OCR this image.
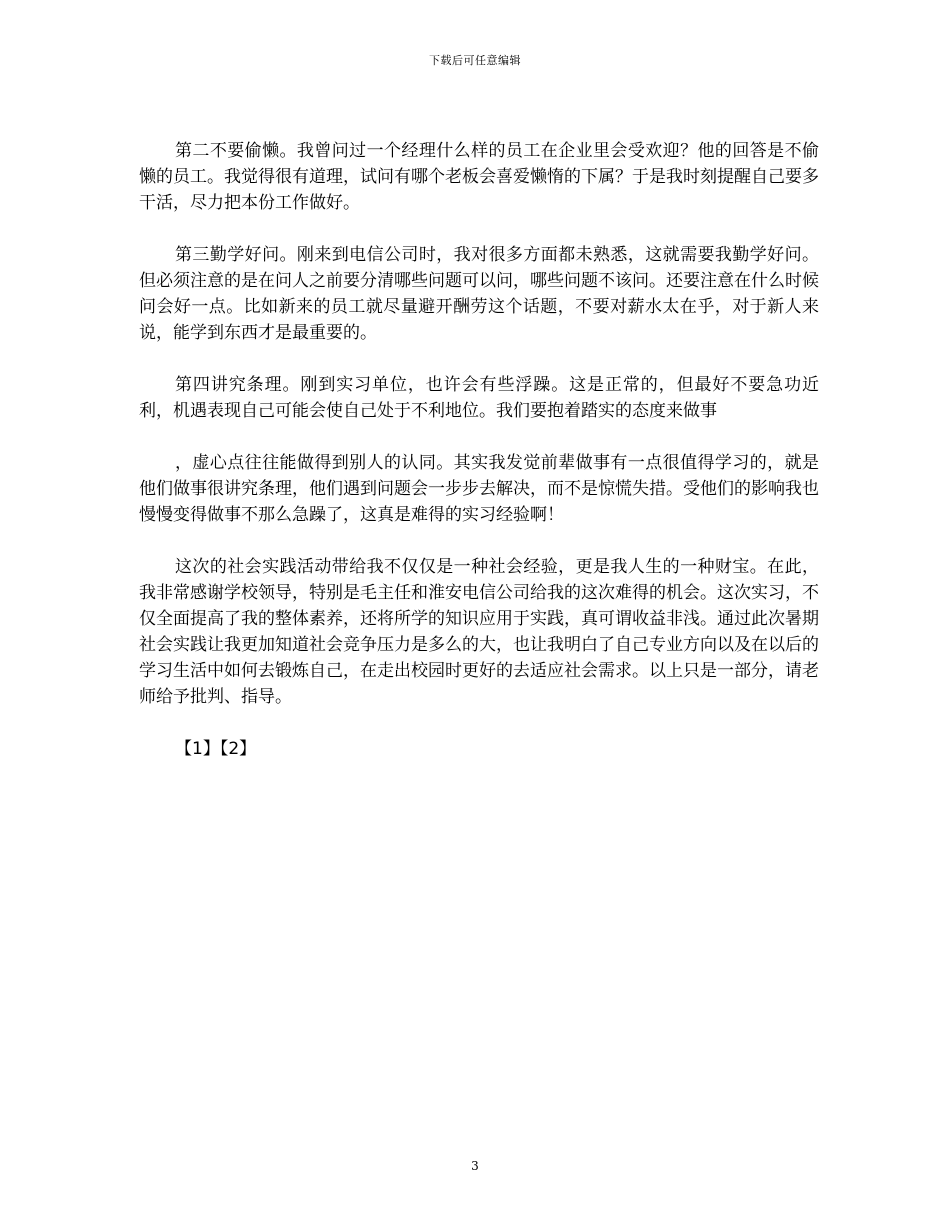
下载后可任意编辑

第二不要偷懒。我曾问过一个经理什么样的员工在企业里会受欢迎？他的回答是不偷懒的员工。我觉得很有道理，试问有哪个老板会喜爱懒惰的下属？于是我时刻提醒自己要多干活，尽力把本份工作做好。

第三勤学好问。刚来到电信公司时，我对很多方面都未熟悉，这就需要我勤学好问。但必须注意的是在问人之前要分清哪些问题可以问，哪些问题不该问。还要注意在什么时候问会好一点。比如新来的员工就尽量避开酬劳这个话题，不要对薪水太在乎，对于新人来说，能学到东西才是最重要的。

第四讲究条理。刚到实习单位，也许会有些浮躁。这是正常的，但最好不要急功近利，机遇表现自己可能会使自己处于不利地位。我们要抱着踏实的态度来做事

，虚心点往往能做得到别人的认同。其实我发觉前辈做事有一点很值得学习的，就是他们做事很讲究条理，他们遇到问题会一步步去解决，而不是惊慌失措。受他们的影响我也慢慢变得做事不那么急躁了，这真是难得的实习经验啊！

这次的社会实践活动带给我不仅仅是一种社会经验，更是我人生的一种财宝。在此，我非常感谢学校领导，特别是毛主任和淮安电信公司给我的这次难得的机会。这次实习，不仅全面提高了我的整体素养，还将所学的知识应用于实践，真可谓收益非浅。通过此次暑期社会实践让我更加知道社会竞争压力是多么的大，也让我明白了自己专业方向以及在以后的学习生活中如何去锻炼自己，在走出校园时更好的去适应社会需求。以上只是一部分，请老师给予批判、指导。

【1】【2】
3
